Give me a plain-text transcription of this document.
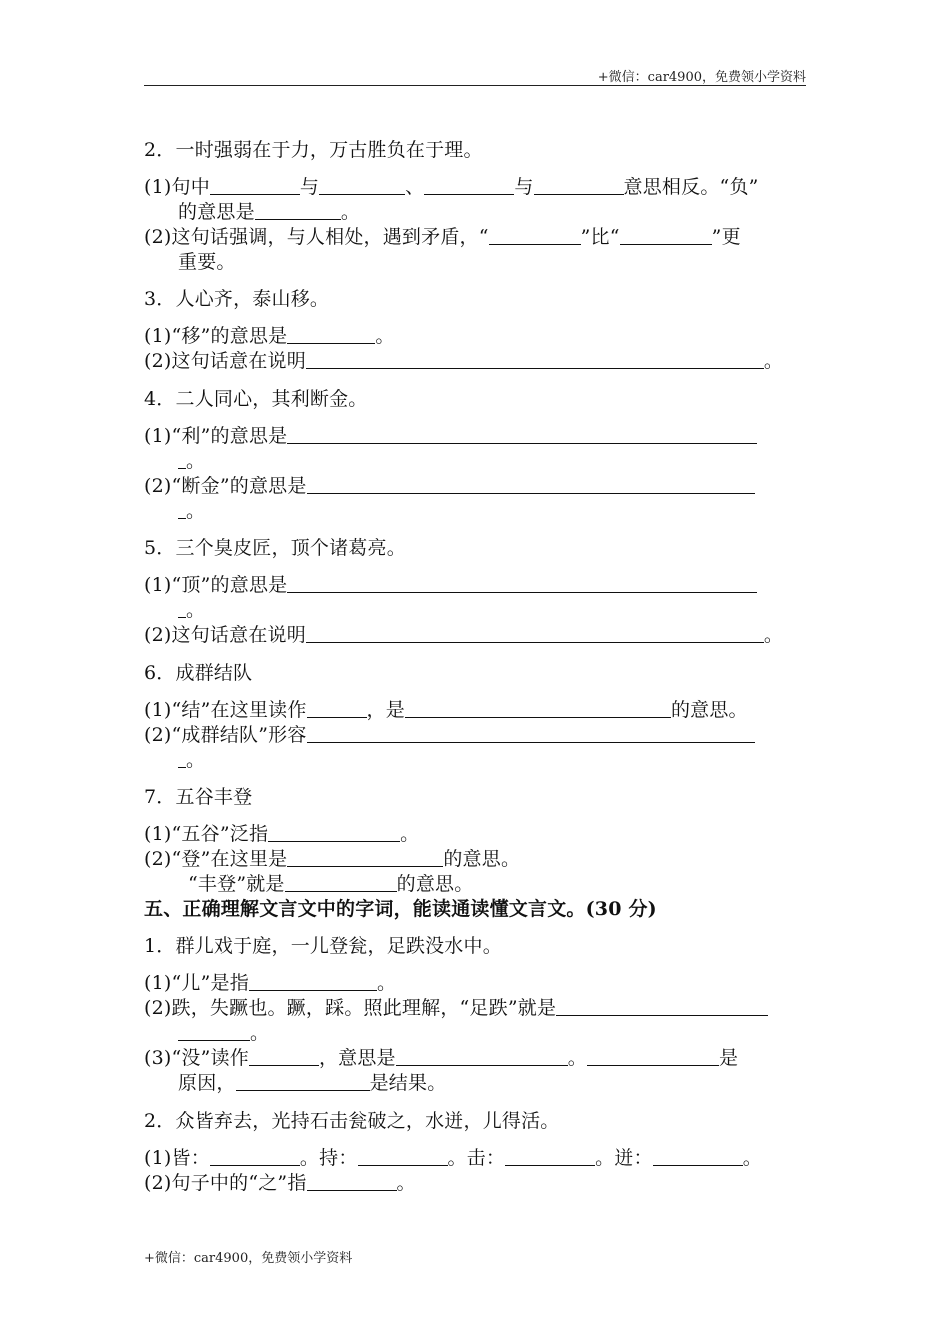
+微信：car4900，免费领小学资料
2．一时强弱在于力，万古胜负在于理。
(1)句中	与	、	与	意思相反。“负”
的意思是	。
(2)这句话强调，与人相处，遇到矛盾，“	”比“	”更
重要。
3．人心齐，泰山移。
(1)“移”的意思是	。
(2)这句话意在说明	。
4．二人同心，其利断金。
(1)“利”的意思是
。
(2)“断金”的意思是
。
5．三个臭皮匠，顶个诸葛亮。
(1)“顶”的意思是
。
(2)这句话意在说明	。
6．成群结队
(1)“结”在这里读作	，是	的意思。
(2)“成群结队”形容
。
7．五谷丰登
(1)“五谷”泛指	。
(2)“登”在这里是	的意思。
“丰登”就是	的意思。
五、正确理解文言文中的字词，能读通读懂文言文。(30 分)
1．群儿戏于庭，一儿登瓮，足跌没水中。
(1)“儿”是指	。
(2)跌，失蹶也。蹶，踩。照此理解，“足跌”就是
。
(3)“没”读作	，意思是	。	是
原因，	是结果。
2．众皆弃去，光持石击瓮破之，水迸，儿得活。
(1)皆：	。持：	。击：	。迸：	。
(2)句子中的“之”指	。
+微信：car4900，免费领小学资料
